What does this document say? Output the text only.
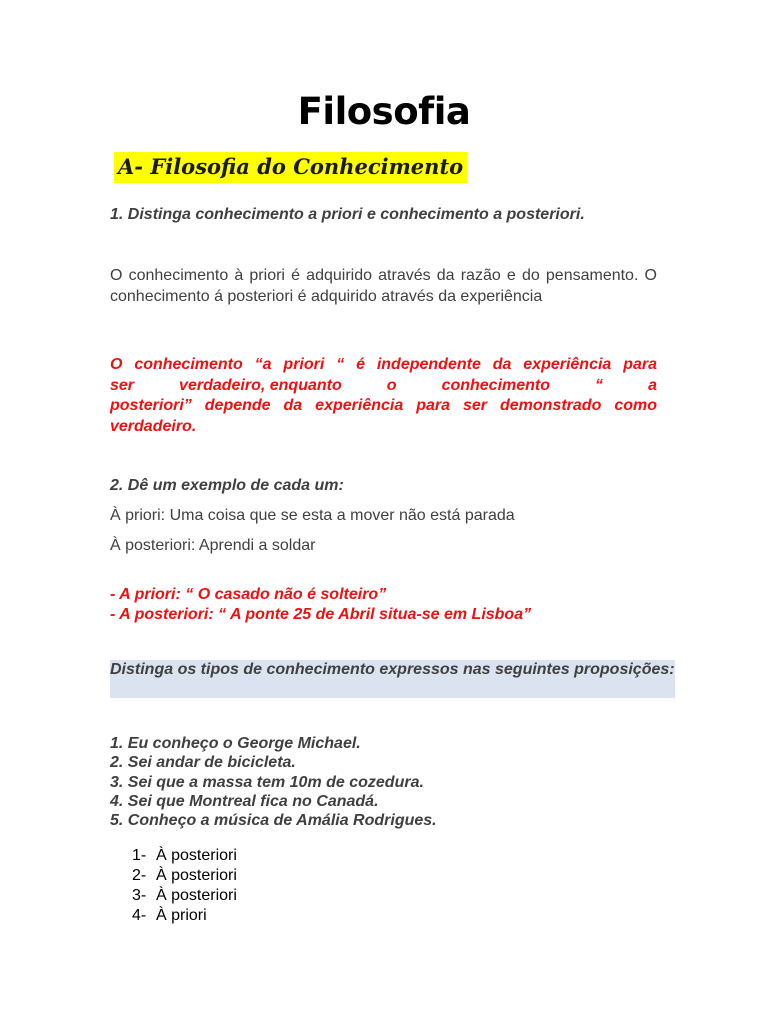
Filosofia
A- Filosofia do Conhecimento
1. Distinga conhecimento a priori e conhecimento a posteriori.
O conhecimento à priori é adquirido através da razão e do pensamento. O conhecimento á posteriori é adquirido através da experiência
O conhecimento “a priori “ é independente da experiência para
ser	verdadeiro, enquanto	o	conhecimento	“	a
posteriori” depende da experiência para ser demonstrado como verdadeiro.
2. Dê um exemplo de cada um:
À priori: Uma coisa que se esta a mover não está parada
À posteriori: Aprendi a soldar
- A priori: “ O casado não é solteiro”
- A posteriori: “ A ponte 25 de Abril situa-se em Lisboa”
Distinga os tipos de conhecimento expressos nas seguintes proposições:
1. Eu conheço o George Michael.
2. Sei andar de bicicleta.
3. Sei que a massa tem 10m de cozedura.
4. Sei que Montreal fica no Canadá.
5. Conheço a música de Amália Rodrigues.
1- À posteriori
2- À posteriori
3- À posteriori
4- À priori
